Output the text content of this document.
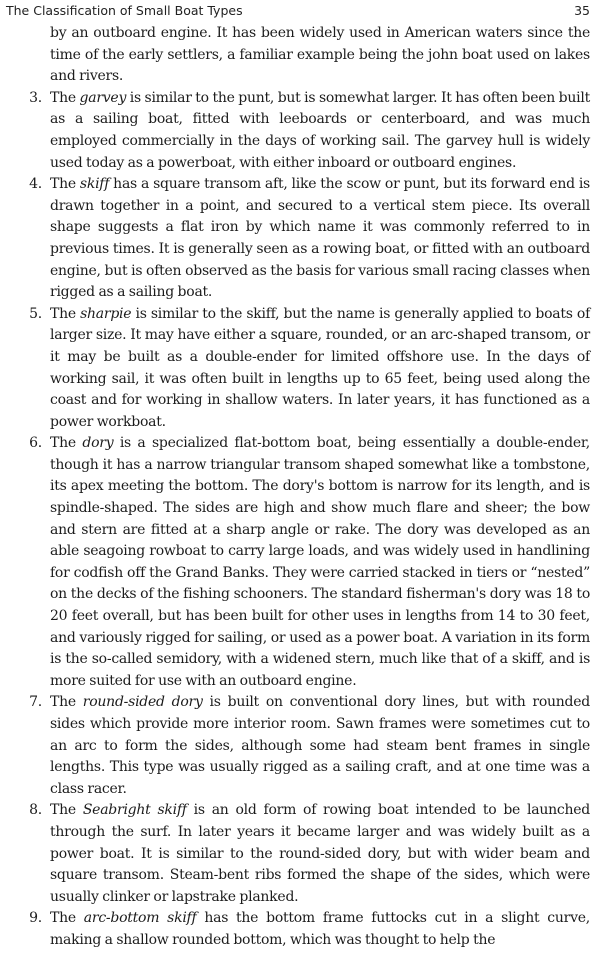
The Classification of Small Boat Types	35

by an outboard engine. It has been widely used in American waters since the time of the early settlers, a familiar example being the john boat used on lakes and rivers.

3. The garvey is similar to the punt, but is somewhat larger. It has often been built as a sailing boat, fitted with leeboards or centerboard, and was much employed commercially in the days of working sail. The garvey hull is widely used today as a powerboat, with either inboard or outboard engines.

4. The skiff has a square transom aft, like the scow or punt, but its forward end is drawn together in a point, and secured to a vertical stem piece. Its overall shape suggests a flat iron by which name it was commonly referred to in previous times. It is generally seen as a rowing boat, or fitted with an outboard engine, but is often observed as the basis for various small racing classes when rigged as a sailing boat.

5. The sharpie is similar to the skiff, but the name is generally applied to boats of larger size. It may have either a square, rounded, or an arc-shaped transom, or it may be built as a double-ender for limited offshore use. In the days of working sail, it was often built in lengths up to 65 feet, being used along the coast and for working in shallow waters. In later years, it has functioned as a power workboat.

6. The dory is a specialized flat-bottom boat, being essentially a double-ender, though it has a narrow triangular transom shaped somewhat like a tombstone, its apex meeting the bottom. The dory's bottom is narrow for its length, and is spindle-shaped. The sides are high and show much flare and sheer; the bow and stern are fitted at a sharp angle or rake. The dory was developed as an able seagoing rowboat to carry large loads, and was widely used in handlining for codfish off the Grand Banks. They were carried stacked in tiers or “nested” on the decks of the fishing schooners. The standard fisherman's dory was 18 to 20 feet overall, but has been built for other uses in lengths from 14 to 30 feet, and variously rigged for sailing, or used as a power boat. A variation in its form is the so-called semidory, with a widened stern, much like that of a skiff, and is more suited for use with an outboard engine.

7. The round-sided dory is built on conventional dory lines, but with rounded sides which provide more interior room. Sawn frames were sometimes cut to an arc to form the sides, although some had steam bent frames in single lengths. This type was usually rigged as a sailing craft, and at one time was a class racer.

8. The Seabright skiff is an old form of rowing boat intended to be launched through the surf. In later years it became larger and was widely built as a power boat. It is similar to the round-sided dory, but with wider beam and square transom. Steam-bent ribs formed the shape of the sides, which were usually clinker or lapstrake planked.

9. The arc-bottom skiff has the bottom frame futtocks cut in a slight curve, making a shallow rounded bottom, which was thought to help the
